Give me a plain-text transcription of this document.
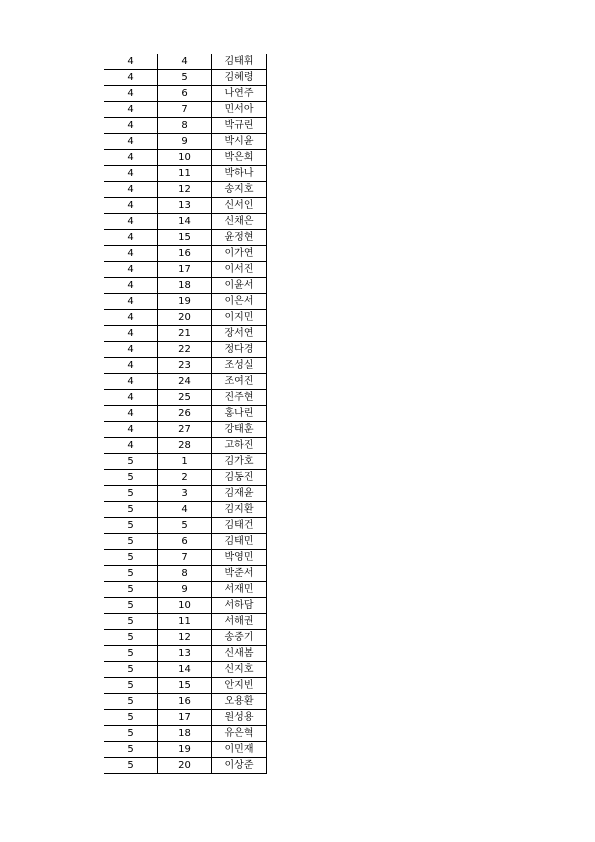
4	4	김태휘
4	5	김혜령
4	6	나연주
4	7	민서아
4	8	박규린
4	9	박시윤
4	10	박은희
4	11	박하나
4	12	송지호
4	13	신서인
4	14	신채은
4	15	윤정현
4	16	이가연
4	17	이서진
4	18	이윤서
4	19	이은서
4	20	이지민
4	21	장서연
4	22	정다경
4	23	조성실
4	24	조여진
4	25	진주현
4	26	홍나린
4	27	강태훈
4	28	고하진
5	1	김가호
5	2	김동진
5	3	김재윤
5	4	김지환
5	5	김태건
5	6	김태민
5	7	박영민
5	8	박준서
5	9	서재민
5	10	서하담
5	11	서해권
5	12	송중기
5	13	신새봄
5	14	신지호
5	15	안지빈
5	16	오용환
5	17	원성용
5	18	유은혁
5	19	이민재
5	20	이상준
